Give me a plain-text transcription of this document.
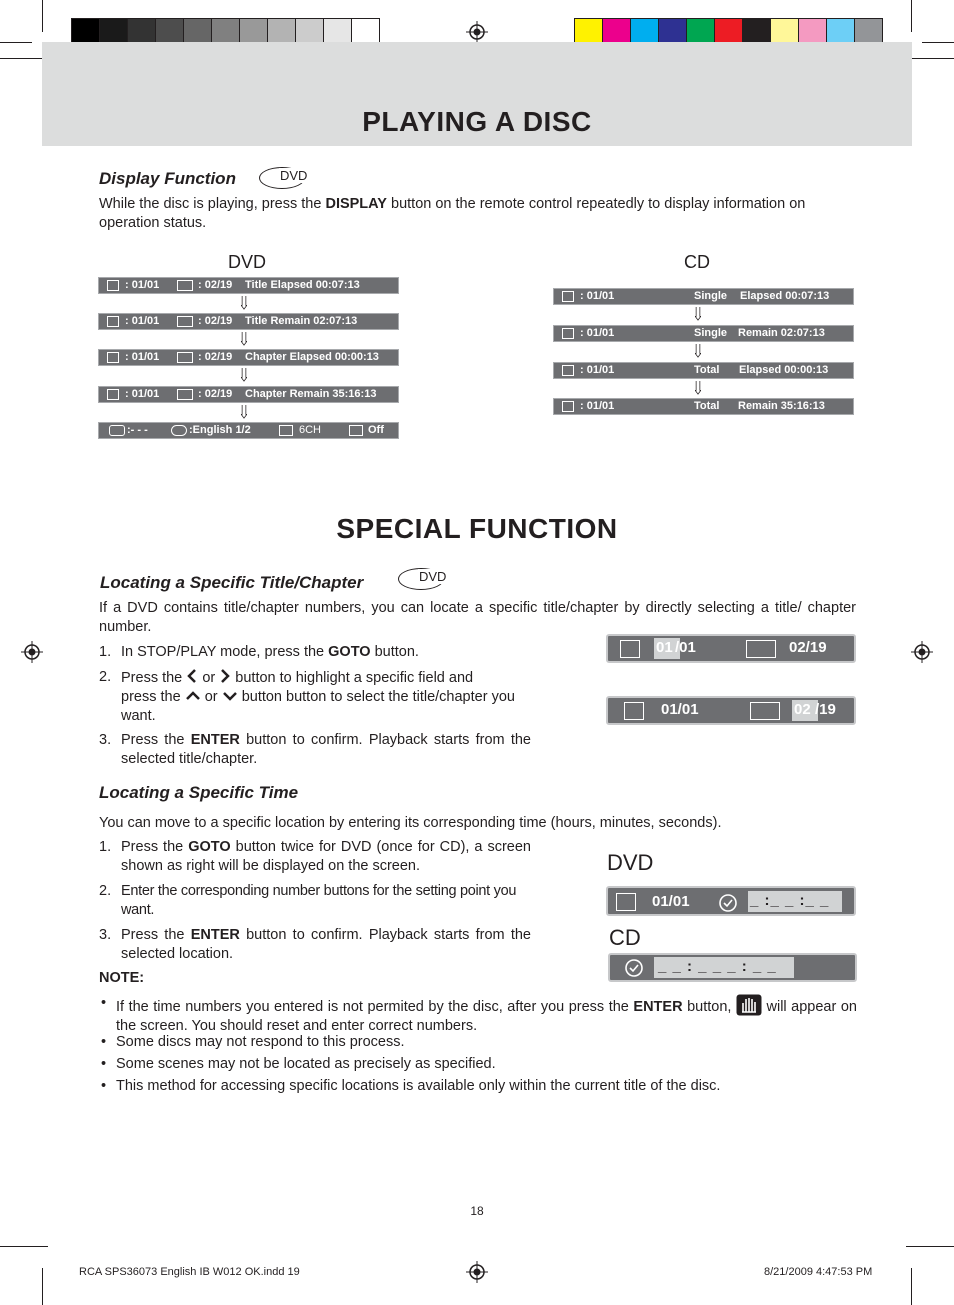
PLAYING A DISC
Display Function	DVD
While the disc is playing, press the DISPLAY button on the remote control repeatedly to display information on operation status.
DVD	CD
: 01/01	: 02/19 Title Elapsed 00:07:13
: 01/01	: 02/19 Title Remain 02:07:13
: 01/01	: 02/19 Chapter Elapsed 00:00:13
: 01/01	: 02/19 Chapter Remain 35:16:13
:- - -	:English 1/2	6CH	Off
: 01/01	Single Elapsed 00:07:13
: 01/01	Single Remain 02:07:13
: 01/01	Total Elapsed 00:00:13
: 01/01	Total Remain 35:16:13
SPECIAL FUNCTION
Locating a Specific Title/Chapter	DVD
If a DVD contains title/chapter numbers, you can locate a specific title/chapter by directly selecting a title/ chapter number.
1. In STOP/PLAY mode, press the GOTO button.
2. Press the or button to highlight a specific field and
press the or button button to select the title/chapter you want.
3. Press the ENTER button to confirm. Playback starts from the selected title/chapter.
01 /01	02/19
01/01	02 /19
Locating a Specific Time
You can move to a specific location by entering its corresponding time (hours, minutes, seconds).
1. Press the GOTO button twice for DVD (once for CD), a screen shown as right will be displayed on the screen.
2. Enter the corresponding number buttons for the setting point you want.
3. Press the ENTER button to confirm. Playback starts from the selected location.
DVD
01/01	_ :_ _ :_ _
CD
_ _ : _ _ _ : _ _
NOTE:
• If the time numbers you entered is not permited by the disc, after you press the ENTER button, will appear on the screen. You should reset and enter correct numbers.
• Some discs may not respond to this process.
• Some scenes may not be located as precisely as specified.
• This method for accessing specific locations is available only within the current title of the disc.
18
RCA SPS36073 English IB W012 OK.indd 19	8/21/2009 4:47:53 PM
